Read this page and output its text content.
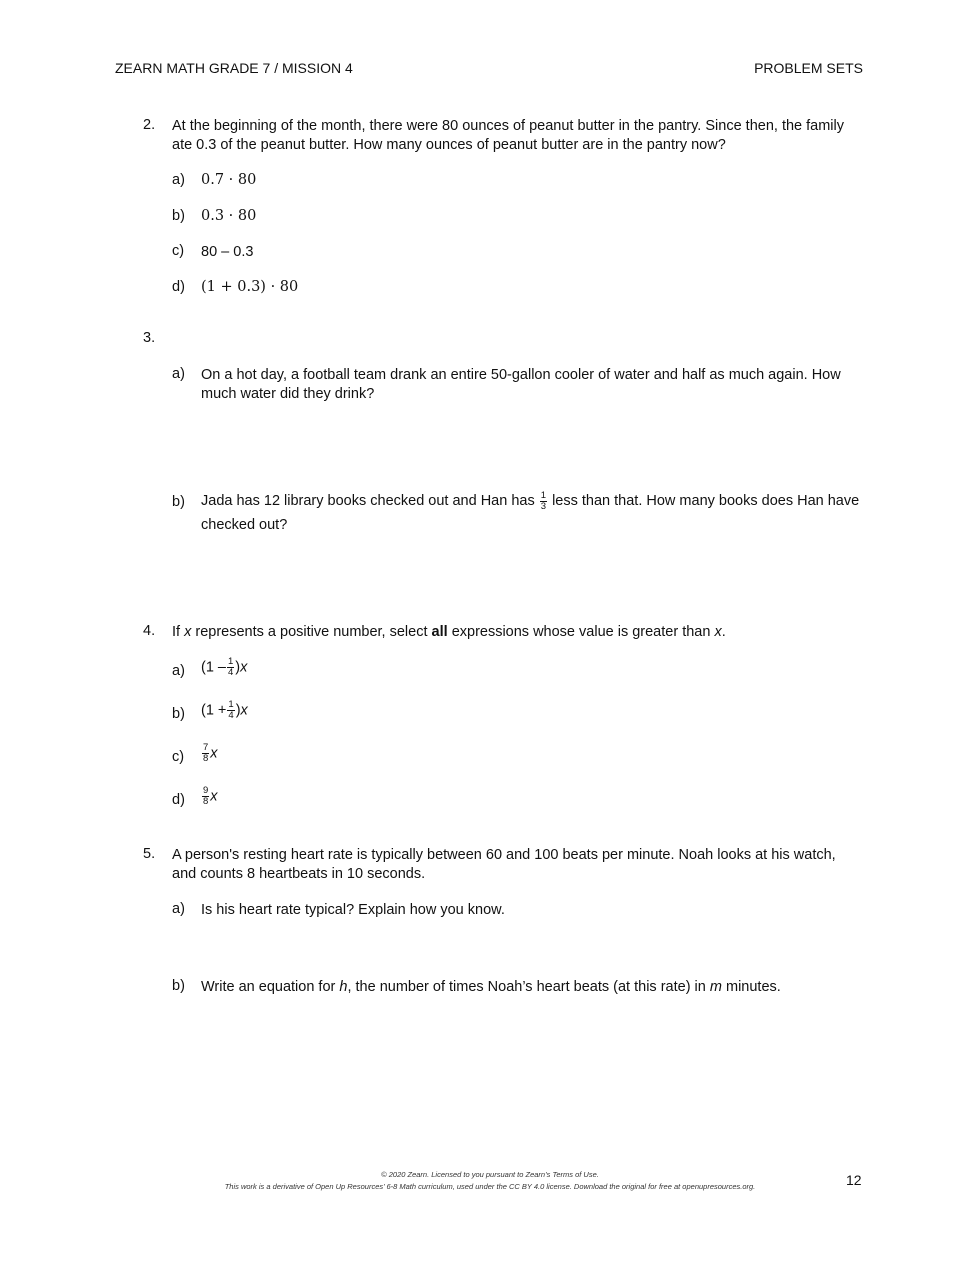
ZEARN MATH GRADE 7 / MISSION 4	PROBLEM SETS
2. At the beginning of the month, there were 80 ounces of peanut butter in the pantry. Since then, the family ate 0.3 of the peanut butter. How many ounces of peanut butter are in the pantry now?
a) 0.7 · 80
b) 0.3 · 80
c) 80 – 0.3
d) (1 + 0.3) · 80
3.
a) On a hot day, a football team drank an entire 50-gallon cooler of water and half as much again. How much water did they drink?
b) Jada has 12 library books checked out and Han has $\frac{1}{3}$ less than that. How many books does Han have checked out?
4. If x represents a positive number, select all expressions whose value is greater than x.
a) $(1 - \frac{1}{4} )x$
b) $(1 + \frac{1}{4} )x$
$c) \frac{7}{8}$ x
$d) \frac{9}{8}$ x
5. A person's resting heart rate is typically between 60 and 100 beats per minute. Noah looks at his watch, and counts 8 heartbeats in 10 seconds.
a) Is his heart rate typical? Explain how you know.
b) Write an equation for h, the number of times Noah’s heart beats (at this rate) in m minutes.
© 2020 Zearn. Licensed to you pursuant to Zearn’s Terms of Use.
This work is a derivative of Open Up Resources’ 6-8 Math curriculum, used under the CC BY 4.0 license. Download the original for free at openupresources.org.	12
